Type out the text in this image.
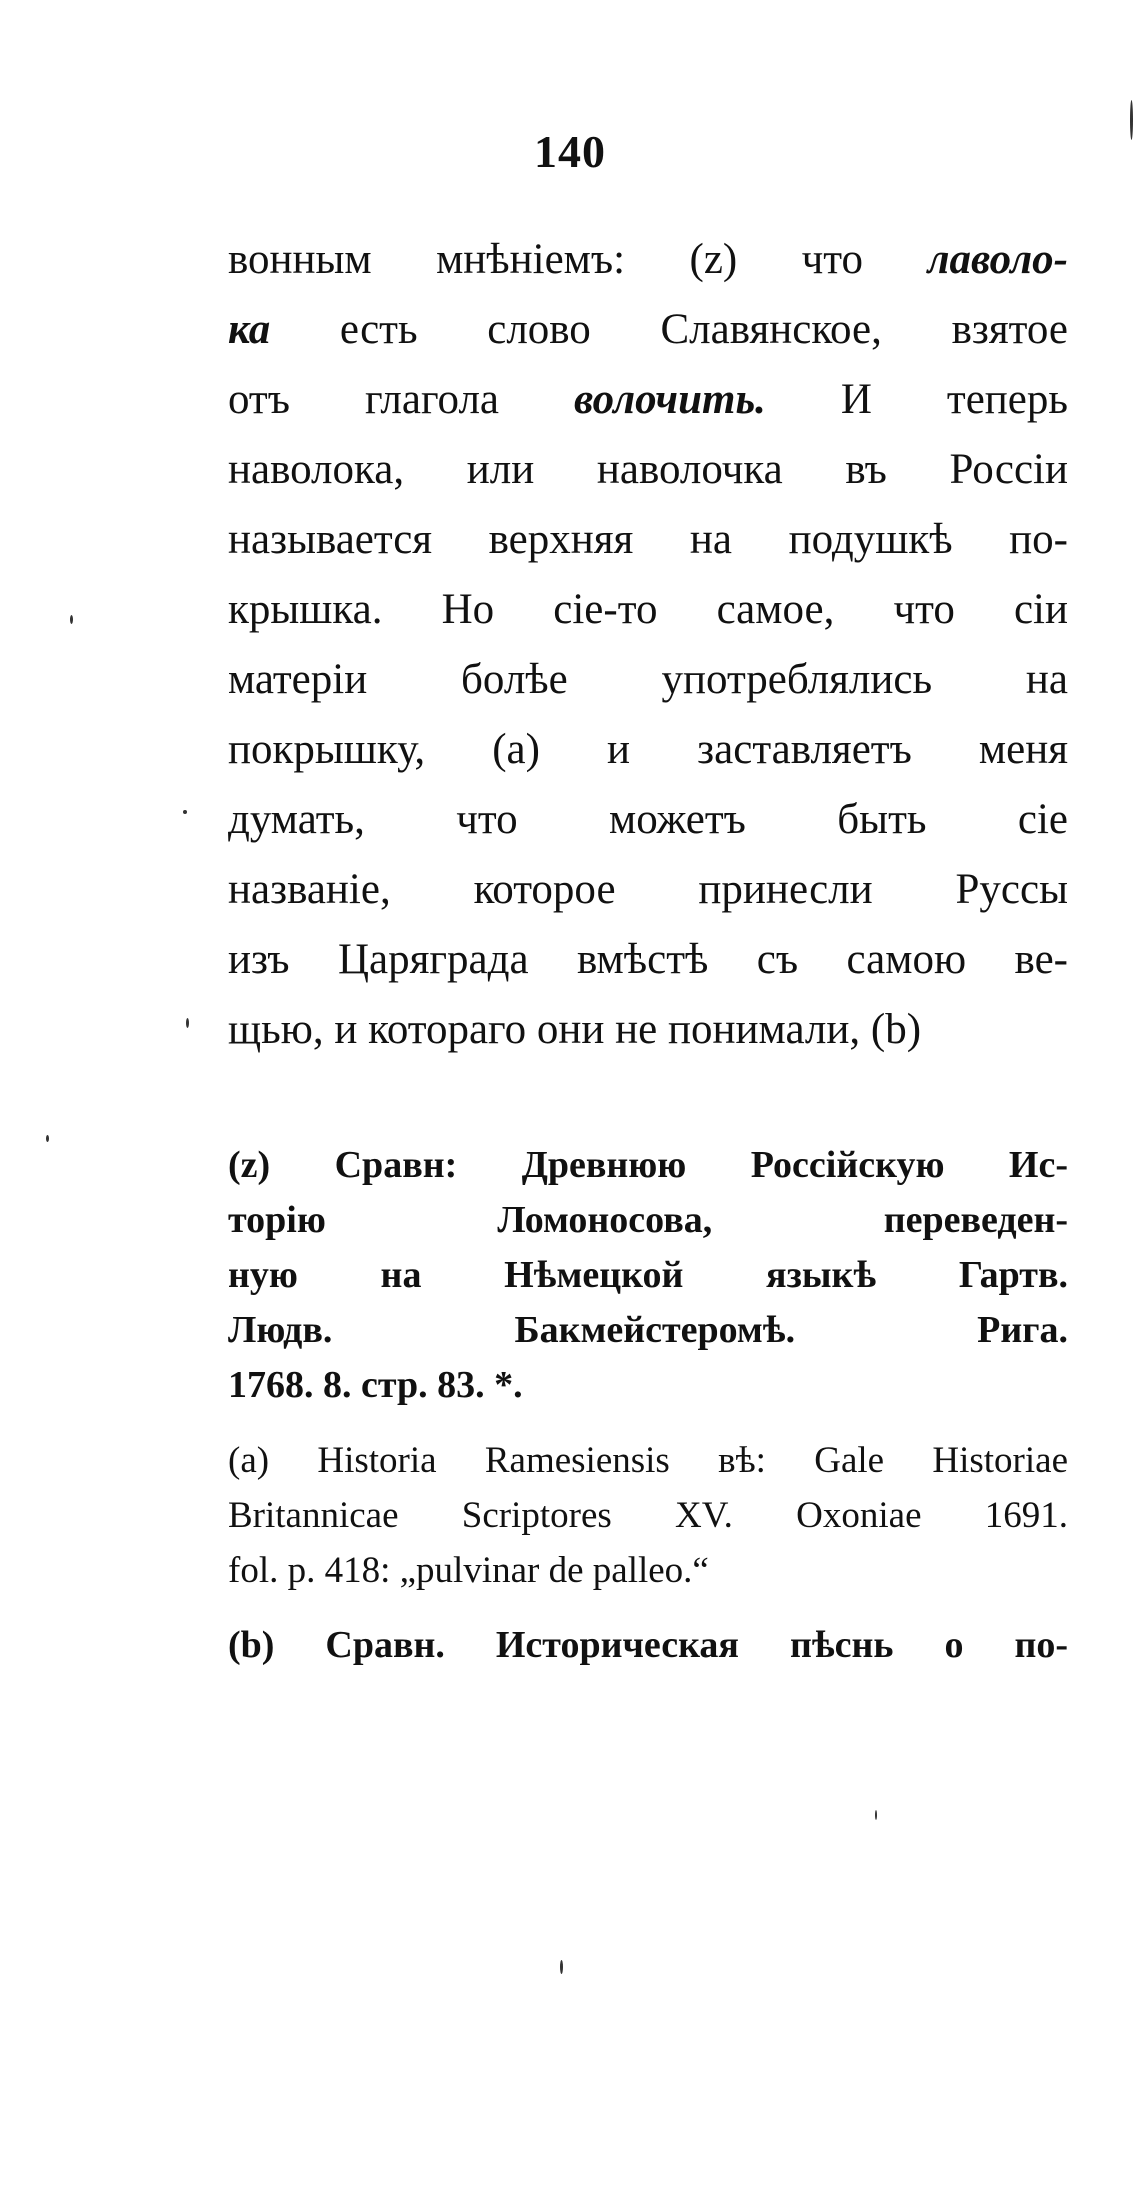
140
вонным мнѣніемъ: (z) что лаволо-
ка есть слово Славянское, взятое
отъ глагола волочить. И теперь
наволока, или наволочка въ Россіи
называется верхняя на подушкѣ по-
крышка. Но сіе-то самое, что сіи
матеріи болѣе употреблялись на
покрышку, (a) и заставляетъ меня
думать, что можетъ быть сіе
названіе, которое принесли Руссы
изъ Царяграда вмѣстѣ съ самою ве-
щью, и котораго они не понимали, (b)
(z) Сравн: Древнюю Россійскую Ис-
торію Ломоносова, переведен-
ную на Нѣмецкой языкѣ Гартв.
Людв. Бакмейстеромѣ. Рига.
1768. 8. стр. 83. *.
(a) Historia Ramesiensis вѣ: Gale Historiae
Britannicae Scriptores XV. Oxoniae 1691.
fol. p. 418: „pulvinar de palleo.“
(b) Сравн. Историческая пѣснь о по-
